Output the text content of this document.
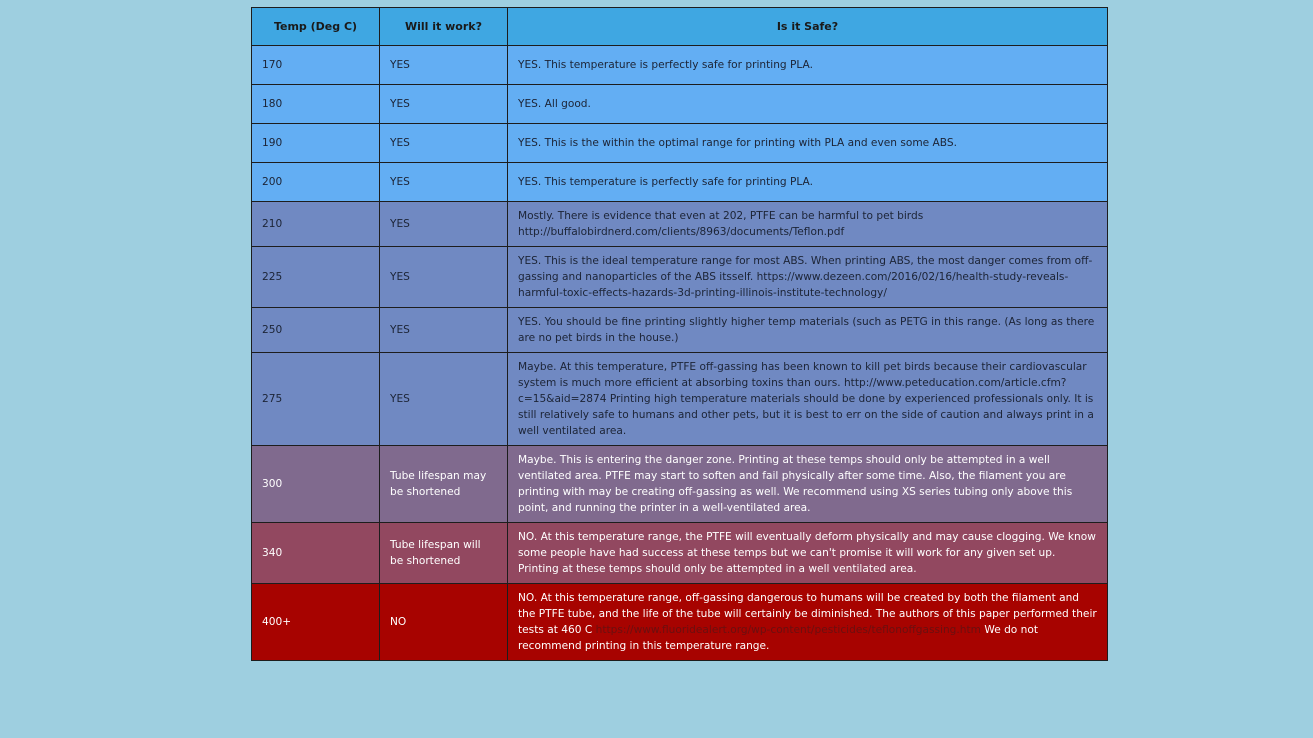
Temp (Deg C)	Will it work?	Is it Safe?
170	YES	YES. This temperature is perfectly safe for printing PLA.
180	YES	YES. All good.
190	YES	YES. This is the within the optimal range for printing with PLA and even some ABS.
200	YES	YES. This temperature is perfectly safe for printing PLA.
210	YES	Mostly. There is evidence that even at 202, PTFE can be harmful to pet birds http://buffalobirdnerd.com/clients/8963/documents/Teflon.pdf
225	YES	YES. This is the ideal temperature range for most ABS. When printing ABS, the most danger comes from off-gassing and nanoparticles of the ABS itsself. https://www.dezeen.com/2016/02/16/health-study-reveals-harmful-toxic-effects-hazards-3d-printing-illinois-institute-technology/
250	YES	YES. You should be fine printing slightly higher temp materials (such as PETG in this range. (As long as there are no pet birds in the house.)
275	YES	Maybe. At this temperature, PTFE off-gassing has been known to kill pet birds because their cardiovascular system is much more efficient at absorbing toxins than ours. http://www.peteducation.com/article.cfm?c=15&aid=2874 Printing high temperature materials should be done by experienced professionals only. It is still relatively safe to humans and other pets, but it is best to err on the side of caution and always print in a well ventilated area.
300	Tube lifespan may be shortened	Maybe. This is entering the danger zone. Printing at these temps should only be attempted in a well ventilated area. PTFE may start to soften and fail physically after some time. Also, the filament you are printing with may be creating off-gassing as well. We recommend using XS series tubing only above this point, and running the printer in a well-ventilated area.
340	Tube lifespan will be shortened	NO. At this temperature range, the PTFE will eventually deform physically and may cause clogging. We know some people have had success at these temps but we can't promise it will work for any given set up. Printing at these temps should only be attempted in a well ventilated area.
400+	NO	NO. At this temperature range, off-gassing dangerous to humans will be created by both the filament and the PTFE tube, and the life of the tube will certainly be diminished. The authors of this paper performed their tests at 460 C https://www.fluoridealert.org/wp-content/pesticides/teflonoffgassing.htm We do not recommend printing in this temperature range.
